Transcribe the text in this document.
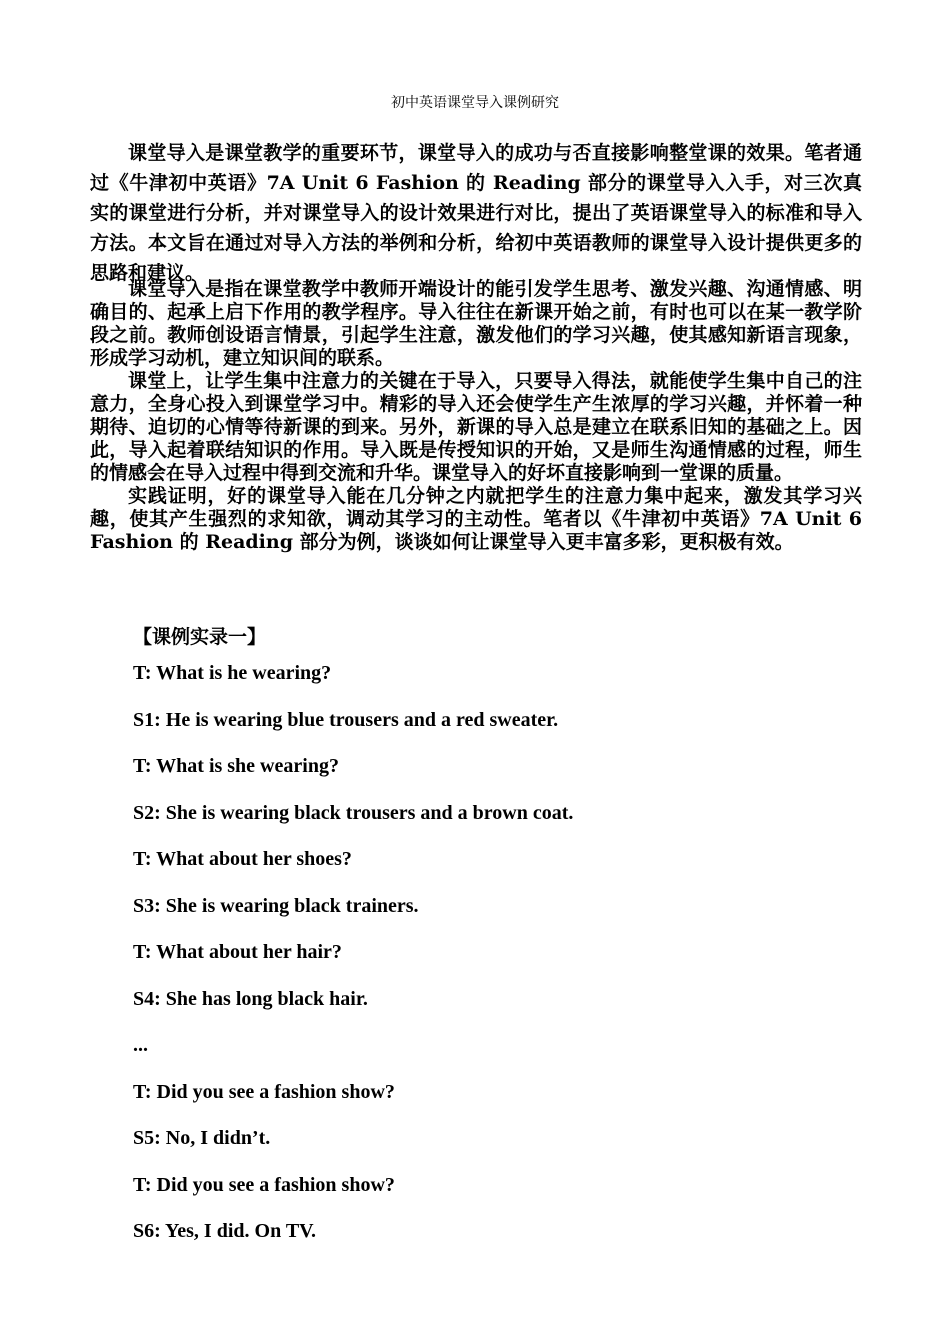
初中英语课堂导入课例研究

课堂导入是课堂教学的重要环节，课堂导入的成功与否直接影响整堂课的效果。笔者通过《牛津初中英语》7A Unit 6 Fashion 的 Reading 部分的课堂导入入手，对三次真实的课堂进行分析，并对课堂导入的设计效果进行对比，提出了英语课堂导入的标准和导入方法。本文旨在通过对导入方法的举例和分析，给初中英语教师的课堂导入设计提供更多的思路和建议。

课堂导入是指在课堂教学中教师开端设计的能引发学生思考、激发兴趣、沟通情感、明确目的、起承上启下作用的教学程序。导入往往在新课开始之前，有时也可以在某一教学阶段之前。教师创设语言情景，引起学生注意，激发他们的学习兴趣，使其感知新语言现象，形成学习动机，建立知识间的联系。

课堂上，让学生集中注意力的关键在于导入，只要导入得法，就能使学生集中自己的注意力，全身心投入到课堂学习中。精彩的导入还会使学生产生浓厚的学习兴趣，并怀着一种期待、迫切的心情等待新课的到来。另外，新课的导入总是建立在联系旧知的基础之上。因此，导入起着联结知识的作用。导入既是传授知识的开始，又是师生沟通情感的过程，师生的情感会在导入过程中得到交流和升华。课堂导入的好坏直接影响到一堂课的质量。

实践证明，好的课堂导入能在几分钟之内就把学生的注意力集中起来，激发其学习兴趣，使其产生强烈的求知欲，调动其学习的主动性。笔者以《牛津初中英语》7A Unit 6 Fashion 的 Reading 部分为例，谈谈如何让课堂导入更丰富多彩，更积极有效。

【课例实录一】
T: What is he wearing?
S1: He is wearing blue trousers and a red sweater.
T: What is she wearing?
S2: She is wearing black trousers and a brown coat.
T: What about her shoes?
S3: She is wearing black trainers.
T: What about her hair?
S4: She has long black hair.
...
T: Did you see a fashion show?
S5: No, I didn’t.
T: Did you see a fashion show?
S6: Yes, I did. On TV.
